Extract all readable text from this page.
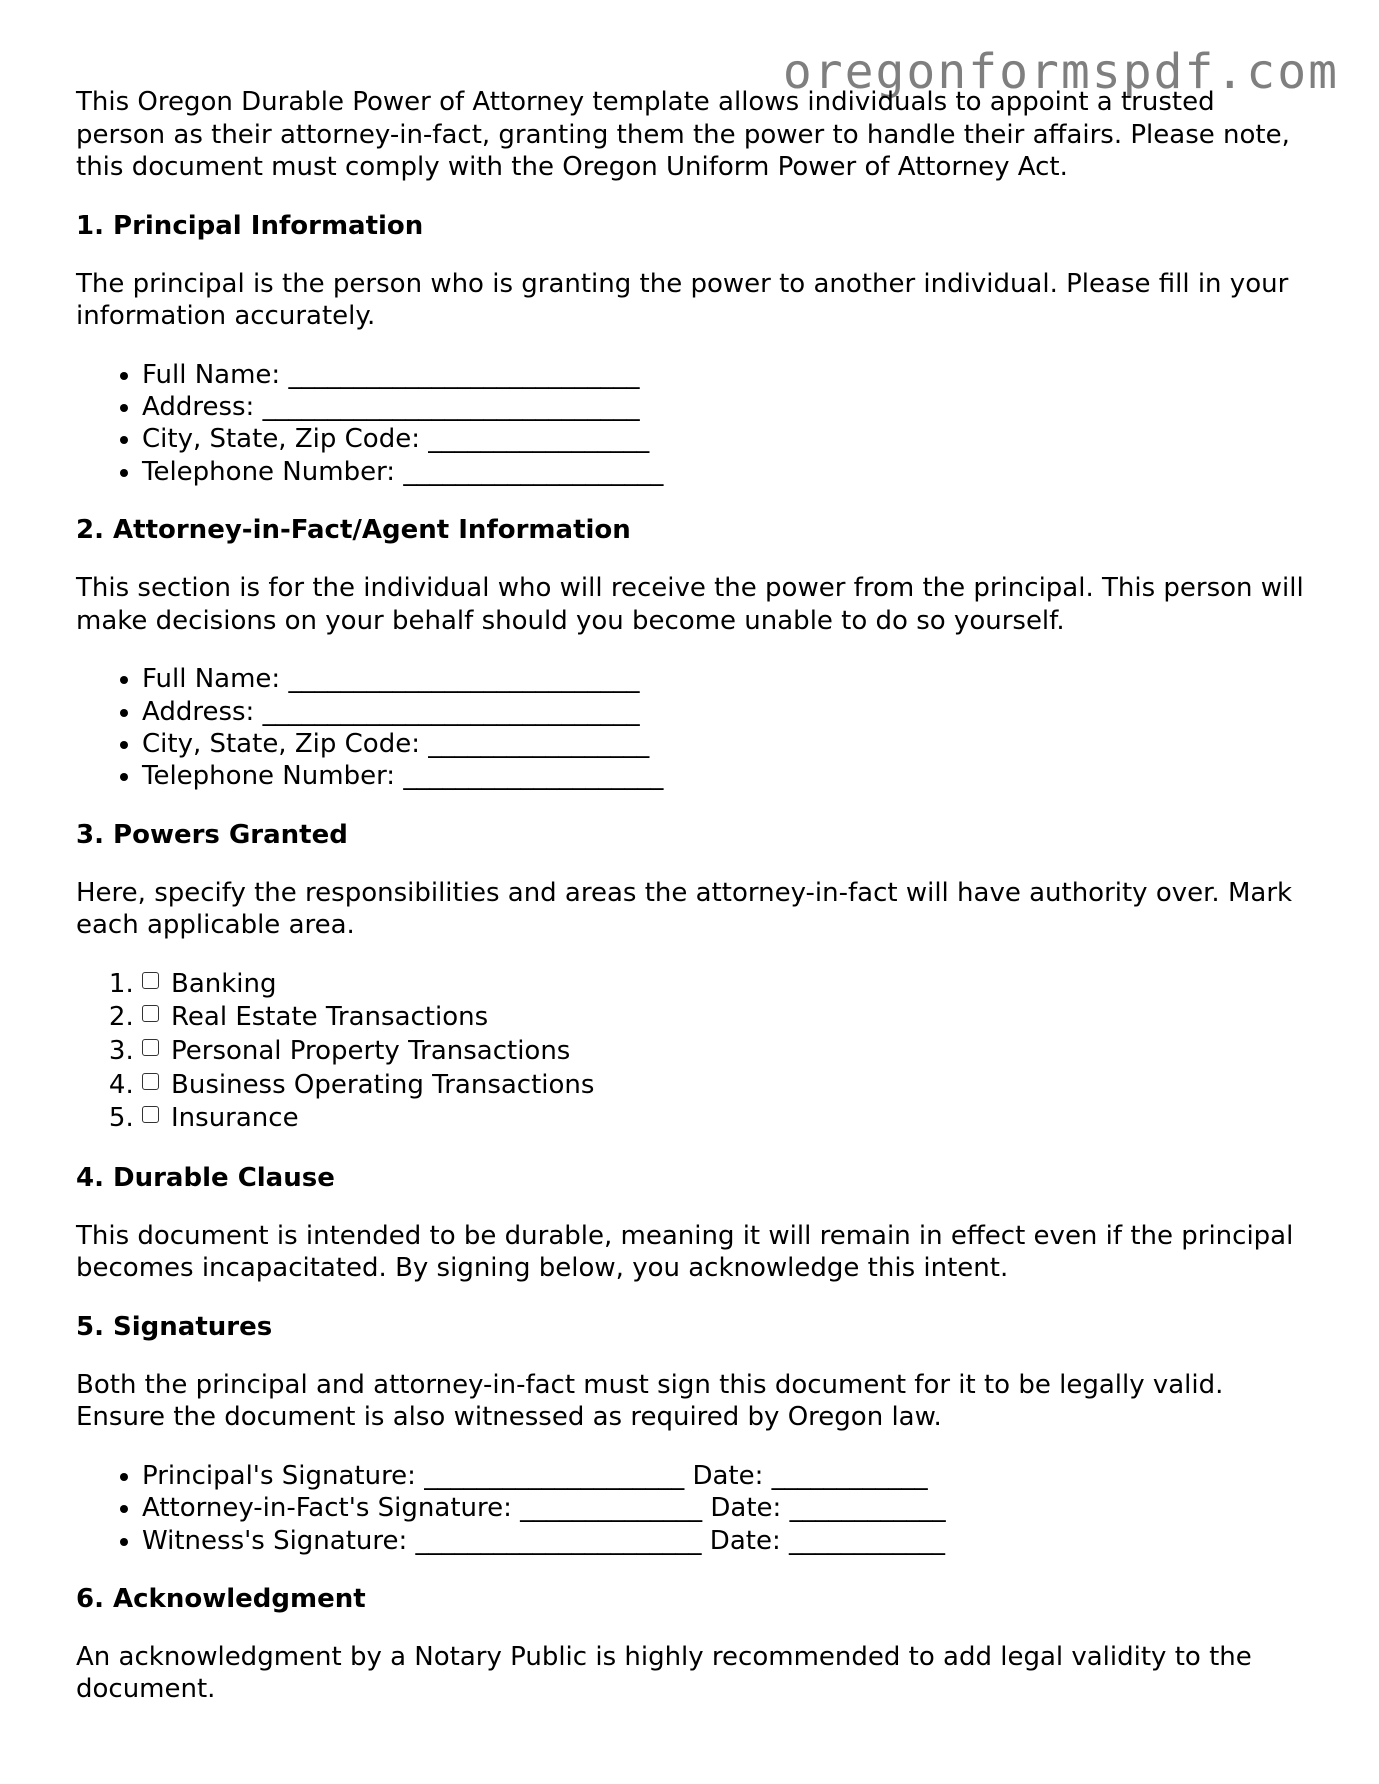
oregonformspdf.com

This Oregon Durable Power of Attorney template allows individuals to appoint a trusted person as their attorney-in-fact, granting them the power to handle their affairs. Please note, this document must comply with the Oregon Uniform Power of Attorney Act.

1. Principal Information

The principal is the person who is granting the power to another individual. Please fill in your information accurately.

• Full Name: ___________________________
• Address: _____________________________
• City, State, Zip Code: _________________
• Telephone Number: ____________________
2. Attorney-in-Fact/Agent Information

This section is for the individual who will receive the power from the principal. This person will make decisions on your behalf should you become unable to do so yourself.

• Full Name: ___________________________
• Address: _____________________________
• City, State, Zip Code: _________________
• Telephone Number: ____________________
3. Powers Granted

Here, specify the responsibilities and areas the attorney-in-fact will have authority over. Mark each applicable area.

1. Banking
2. Real Estate Transactions
3. Personal Property Transactions
4. Business Operating Transactions
5. Insurance
4. Durable Clause

This document is intended to be durable, meaning it will remain in effect even if the principal becomes incapacitated. By signing below, you acknowledge this intent.

5. Signatures

Both the principal and attorney-in-fact must sign this document for it to be legally valid. Ensure the document is also witnessed as required by Oregon law.

• Principal's Signature: ____________________ Date: ____________
• Attorney-in-Fact's Signature: ______________ Date: ____________
• Witness's Signature: ______________________ Date: ____________
6. Acknowledgment

An acknowledgment by a Notary Public is highly recommended to add legal validity to the document.
